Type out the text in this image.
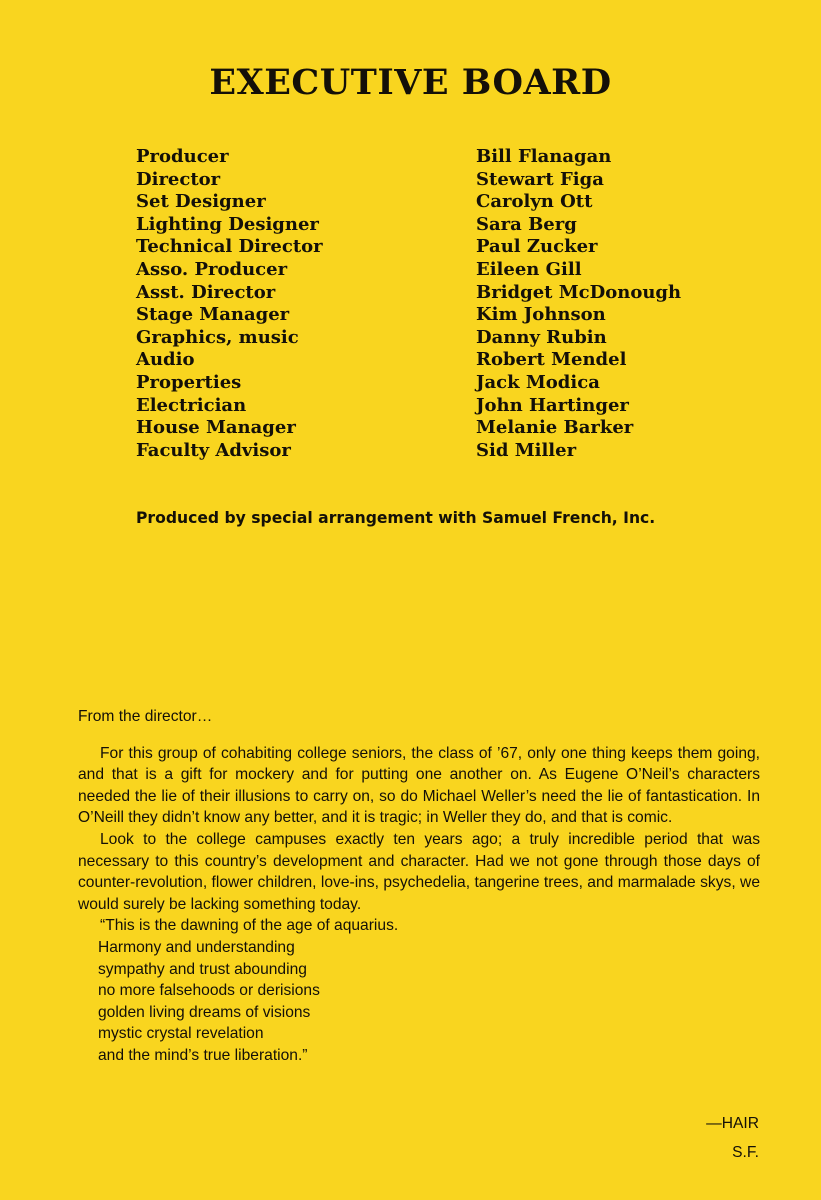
EXECUTIVE BOARD
Producer	Bill Flanagan
Director	Stewart Figa
Set Designer	Carolyn Ott
Lighting Designer	Sara Berg
Technical Director	Paul Zucker
Asso. Producer	Eileen Gill
Asst. Director	Bridget McDonough
Stage Manager	Kim Johnson
Graphics, music	Danny Rubin
Audio	Robert Mendel
Properties	Jack Modica
Electrician	John Hartinger
House Manager	Melanie Barker
Faculty Advisor	Sid Miller
Produced by special arrangement with Samuel French, Inc.

From the director…

For this group of cohabiting college seniors, the class of ’67, only one thing keeps them going, and that is a gift for mockery and for putting one another on. As Eugene O’Neil’s characters needed the lie of their illusions to carry on, so do Michael Weller’s need the lie of fantastication. In O’Neill they didn’t know any better, and it is tragic; in Weller they do, and that is comic.

Look to the college campuses exactly ten years ago; a truly incredible period that was necessary to this country’s development and character. Had we not gone through those days of counter-revolution, flower children, love-ins, psychedelia, tangerine trees, and marmalade skys, we would surely be lacking something today.

“This is the dawning of the age of aquarius.
Harmony and understanding
sympathy and trust abounding
no more falsehoods or derisions
golden living dreams of visions
mystic crystal revelation
and the mind’s true liberation.”
—HAIR
S.F.
